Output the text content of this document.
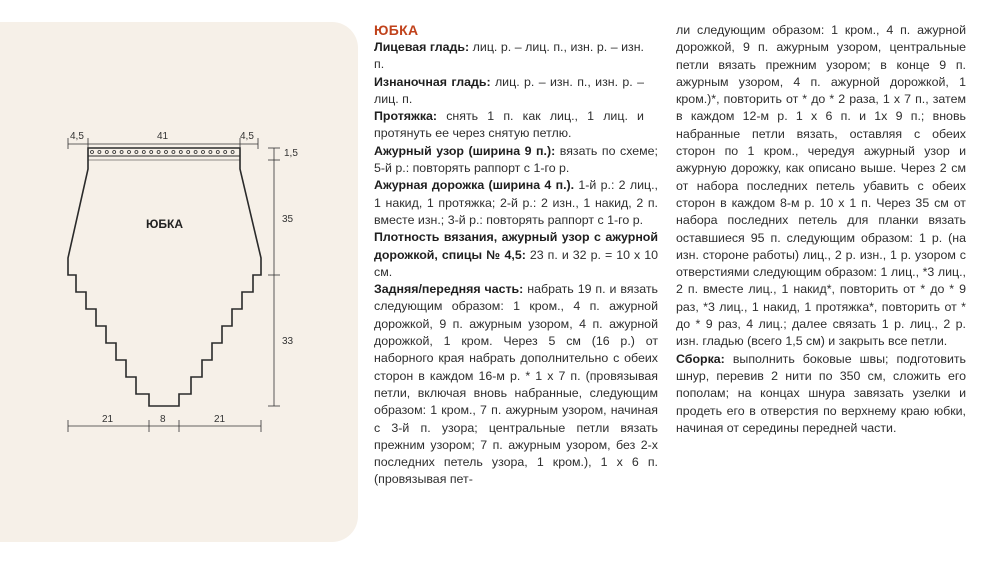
ЮБКА
4,5	41	4,5
1,5
35
33
21	8	21
ЮБКА

Лицевая гладь: лиц. р. – лиц. п., изн. р. – изн. п.

Изнаночная гладь: лиц. р. – изн. п., изн. р. – лиц. п.

Протяжка: снять 1 п. как лиц., 1 лиц. и протянуть ее через снятую петлю.

Ажурный узор (ширина 9 п.): вязать по схеме; 5-й р.: повторять раппорт с 1-го р.

Ажурная дорожка (ширина 4 п.). 1-й р.: 2 лиц., 1 накид, 1 протяжка; 2-й р.: 2 изн., 1 накид, 2 п. вместе изн.; 3-й р.: повторять раппорт с 1-го р.

Плотность вязания, ажурный узор с ажурной дорожкой, спицы № 4,5: 23 п. и 32 р. = 10 х 10 см.

Задняя/передняя часть: набрать 19 п. и вязать следующим образом: 1 кром., 4 п. ажурной дорожкой, 9 п. ажурным узором, 4 п. ажурной дорожкой, 1 кром. Через 5 см (16 р.) от наборного края набрать дополнительно с обеих сторон в каждом 16-м р. * 1 х 7 п. (провязывая петли, включая вновь набранные, следующим образом: 1 кром., 7 п. ажурным узором, начиная с 3-й п. узора; центральные петли вязать прежним узором; 7 п. ажурным узором, без 2-х последних петель узора, 1 кром.), 1 х 6 п. (провязывая пет-

ли следующим образом: 1 кром., 4 п. ажурной дорожкой, 9 п. ажурным узором, центральные петли вязать прежним узором; в конце 9 п. ажурным узором, 4 п. ажурной дорожкой, 1 кром.)*, повторить от * до * 2 раза, 1 х 7 п., затем в каждом 12-м р. 1 х 6 п. и 1х 9 п.; вновь набранные петли вязать, оставляя с обеих сторон по 1 кром., чередуя ажурный узор и ажурную дорожку, как описано выше. Через 2 см от набора последних петель убавить с обеих сторон в каждом 8-м р. 10 х 1 п. Через 35 см от набора последних петель для планки вязать оставшиеся 95 п. следующим образом: 1 р. (на изн. стороне работы) лиц., 2 р. изн., 1 р. узором с отверстиями следующим образом: 1 лиц., *3 лиц., 2 п. вместе лиц., 1 накид*, повторить от * до * 9 раз, *3 лиц., 1 накид, 1 протяжка*, повторить от * до * 9 раз, 4 лиц.; далее связать 1 р. лиц., 2 р. изн. гладью (всего 1,5 см) и закрыть все петли.

Сборка: выполнить боковые швы; подготовить шнур, перевив 2 нити по 350 см, сложить его пополам; на концах шнура завязать узелки и продеть его в отверстия по верхнему краю юбки, начиная от середины передней части.
